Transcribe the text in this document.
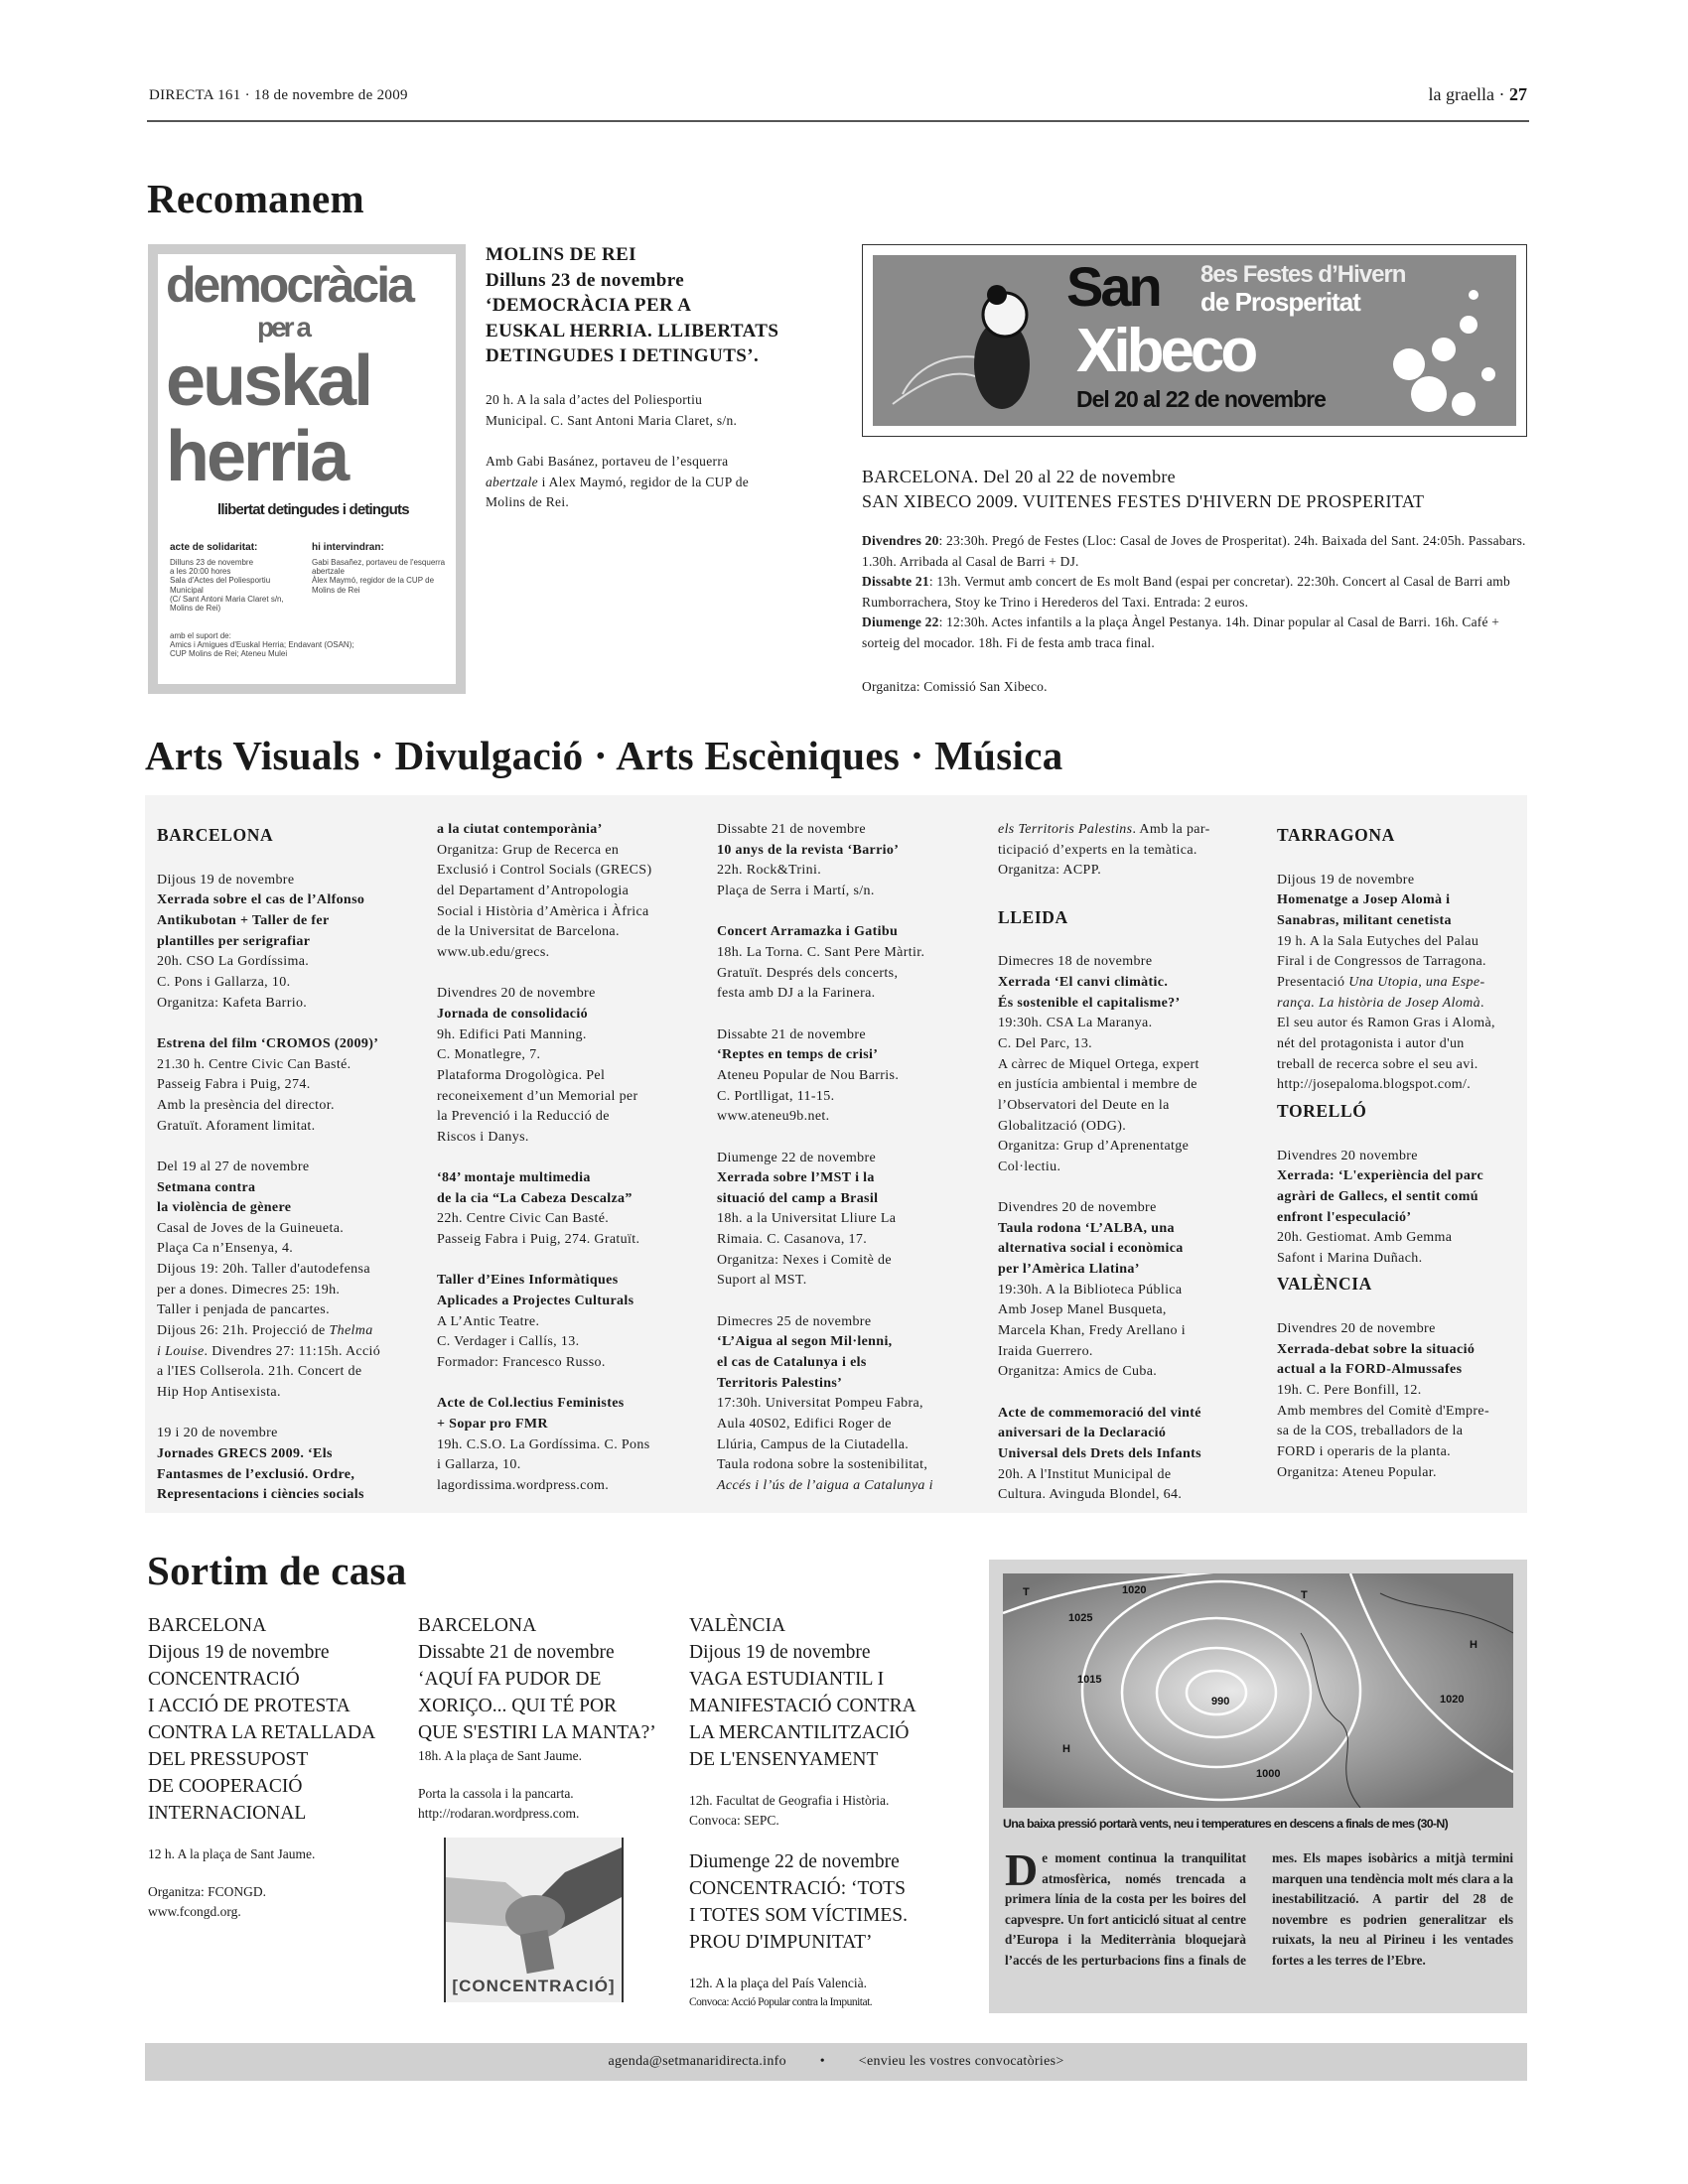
DIRECTA 161 · 18 de novembre de 2009	la graella · 27
Recomanem
democràcia
per a
euskal
herria
llibertat detingudes i detinguts
acte de solidaritat:
Dilluns 23 de novembre
a les 20:00 hores
Sala d'Actes del Poliesportiu Municipal
(C/ Sant Antoni Maria Claret s/n,
Molins de Rei)
hi intervindran:
Gabi Basañez, portaveu de l'esquerra
abertzale
Àlex Maymó, regidor de la CUP de
Molins de Rei
amb el suport de:
Amics i Amigues d'Euskal Herria; Endavant (OSAN);
CUP Molins de Rei; Ateneu Mulei
MOLINS DE REI
Dilluns 23 de novembre
‘DEMOCRÀCIA PER A
EUSKAL HERRIA. LLIBERTATS
DETINGUDES I DETINGUTS’.
20 h. A la sala d’actes del Poliesportiu
Municipal. C. Sant Antoni Maria Claret, s/n.
Amb Gabi Basánez, portaveu de l’esquerra
abertzale i Alex Maymó, regidor de la CUP de
Molins de Rei.
San 8es Festes d’Hivern
de Prosperitat
Xibeco
Del 20 al 22 de novembre
BARCELONA. Del 20 al 22 de novembre
SAN XIBECO 2009. VUITENES FESTES D'HIVERN DE PROSPERITAT
Divendres 20: 23:30h. Pregó de Festes (Lloc: Casal de Joves de Prosperitat). 24h. Baixada del Sant. 24:05h. Passabars. 1.30h. Arribada al Casal de Barri + DJ.
Dissabte 21: 13h. Vermut amb concert de Es molt Band (espai per concretar). 22:30h. Concert al Casal de Barri amb Rumborrachera, Stoy ke Trino i Herederos del Taxi. Entrada: 2 euros.
Diumenge 22: 12:30h. Actes infantils a la plaça Àngel Pestanya. 14h. Dinar popular al Casal de Barri. 16h. Café + sorteig del mocador. 18h. Fi de festa amb traca final.
Organitza: Comissió San Xibeco.
Arts Visuals · Divulgació · Arts Escèniques · Música
BARCELONA

Dijous 19 de novembre
Xerrada sobre el cas de l’Alfonso
Antikubotan + Taller de fer
plantilles per serigrafiar
20h. CSO La Gordíssima.
C. Pons i Gallarza, 10.
Organitza: Kafeta Barrio.

Estrena del film ‘CROMOS (2009)’
21.30 h. Centre Civic Can Basté.
Passeig Fabra i Puig, 274.
Amb la presència del director.
Gratuït. Aforament limitat.

Del 19 al 27 de novembre
Setmana contra
la violència de gènere
Casal de Joves de la Guineueta.
Plaça Ca n’Ensenya, 4.
Dijous 19: 20h. Taller d'autodefensa
per a dones. Dimecres 25: 19h.
Taller i penjada de pancartes.
Dijous 26: 21h. Projecció de Thelma
i Louise. Divendres 27: 11:15h. Acció
a l'IES Collserola. 21h. Concert de
Hip Hop Antisexista.

19 i 20 de novembre
Jornades GRECS 2009. ‘Els
Fantasmes de l’exclusió. Ordre,
Representacions i ciències socials

a la ciutat contemporània’
Organitza: Grup de Recerca en
Exclusió i Control Socials (GRECS)
del Departament d’Antropologia
Social i Història d’Amèrica i Àfrica
de la Universitat de Barcelona.
www.ub.edu/grecs.

Divendres 20 de novembre
Jornada de consolidació
9h. Edifici Pati Manning.
C. Monatlegre, 7.
Plataforma Drogològica. Pel
reconeixement d’un Memorial per
la Prevenció i la Reducció de
Riscos i Danys.

‘84’ montaje multimedia
de la cia “La Cabeza Descalza”
22h. Centre Civic Can Basté.
Passeig Fabra i Puig, 274. Gratuït.

Taller d’Eines Informàtiques
Aplicades a Projectes Culturals
A L’Antic Teatre.
C. Verdager i Callís, 13.
Formador: Francesco Russo.

Acte de Col.lectius Feministes
+ Sopar pro FMR
19h. C.S.O. La Gordíssima. C. Pons
i Gallarza, 10.
lagordissima.wordpress.com.

Dissabte 21 de novembre
10 anys de la revista ‘Barrio’
22h. Rock&Trini.
Plaça de Serra i Martí, s/n.

Concert Arramazka i Gatibu
18h. La Torna. C. Sant Pere Màrtir.
Gratuït. Després dels concerts,
festa amb DJ a la Farinera.

Dissabte 21 de novembre
‘Reptes en temps de crisi’
Ateneu Popular de Nou Barris.
C. Portlligat, 11-15.
www.ateneu9b.net.

Diumenge 22 de novembre
Xerrada sobre l’MST i la
situació del camp a Brasil
18h. a la Universitat Lliure La
Rimaia. C. Casanova, 17.
Organitza: Nexes i Comitè de
Suport al MST.

Dimecres 25 de novembre
‘L’Aigua al segon Mil·lenni,
el cas de Catalunya i els
Territoris Palestins’
17:30h. Universitat Pompeu Fabra,
Aula 40S02, Edifici Roger de
Llúria, Campus de la Ciutadella.
Taula rodona sobre la sostenibilitat,
Accés i l’ús de l’aigua a Catalunya i

els Territoris Palestins. Amb la par-
ticipació d’experts en la temàtica.
Organitza: ACPP.

LLEIDA

Dimecres 18 de novembre
Xerrada ‘El canvi climàtic.
És sostenible el capitalisme?’
19:30h. CSA La Maranya.
C. Del Parc, 13.
A càrrec de Miquel Ortega, expert
en justícia ambiental i membre de
l’Observatori del Deute en la
Globalització (ODG).
Organitza: Grup d’Aprenentatge
Col·lectiu.

Divendres 20 de novembre
Taula rodona ‘L’ALBA, una
alternativa social i econòmica
per l’Amèrica Llatina’
19:30h. A la Biblioteca Pública
Amb Josep Manel Busqueta,
Marcela Khan, Fredy Arellano i
Iraida Guerrero.
Organitza: Amics de Cuba.

Acte de commemoració del vinté
aniversari de la Declaració
Universal dels Drets dels Infants
20h. A l'Institut Municipal de
Cultura. Avinguda Blondel, 64.

TARRAGONA

Dijous 19 de novembre
Homenatge a Josep Alomà i
Sanabras, militant cenetista
19 h. A la Sala Eutyches del Palau
Firal i de Congressos de Tarragona.
Presentació Una Utopia, una Espe-
rança. La història de Josep Alomà.
El seu autor és Ramon Gras i Alomà,
nét del protagonista i autor d'un
treball de recerca sobre el seu avi.
http://josepaloma.blogspot.com/.
TORELLÓ

Divendres 20 novembre
Xerrada: ‘L'experiència del parc
agràri de Gallecs, el sentit comú
enfront l'especulació’
20h. Gestiomat. Amb Gemma
Safont i Marina Duñach.
VALÈNCIA

Divendres 20 de novembre
Xerrada-debat sobre la situació
actual a la FORD-Almussafes
19h. C. Pere Bonfill, 12.
Amb membres del Comitè d'Empre-
sa de la COS, treballadors de la
FORD i operaris de la planta.
Organitza: Ateneu Popular.

Sortim de casa
BARCELONA
Dijous 19 de novembre
CONCENTRACIÓ
I ACCIÓ DE PROTESTA
CONTRA LA RETALLADA
DEL PRESSUPOST
DE COOPERACIÓ
INTERNACIONAL
12 h. A la plaça de Sant Jaume.
Organitza: FCONGD.
www.fcongd.org.
BARCELONA
Dissabte 21 de novembre
‘AQUÍ FA PUDOR DE
XORIÇO... QUI TÉ POR
QUE S'ESTIRI LA MANTA?’
18h. A la plaça de Sant Jaume.
Porta la cassola i la pancarta.
http://rodaran.wordpress.com.
[CONCENTRACIÓ]
VALÈNCIA
Dijous 19 de novembre
VAGA ESTUDIANTIL I
MANIFESTACIÓ CONTRA
LA MERCANTILITZACIÓ
DE L'ENSENYAMENT
12h. Facultat de Geografia i Història.
Convoca: SEPC.
Diumenge 22 de novembre
CONCENTRACIÓ: ‘TOTS
I TOTES SOM VÍCTIMES.
PROU D'IMPUNITAT’
12h. A la plaça del País Valencià.
Convoca: Acció Popular contra la Impunitat.
T
1025
1020
1015
H
990
1000
1020
H
T
Una baixa pressió portarà vents, neu i temperatures en descens a finals de mes (30-N)
De moment continua la tranquilitat atmosfèrica, només trencada a primera línia de la costa per les boires del capvespre. Un fort anticicló situat al centre d’Europa i la Mediterrània bloquejarà l’accés de les perturbacions fins a finals de mes. Els mapes isobàrics a mitjà termini marquen una tendència molt més clara a la inestabilització. A partir del 28 de novembre es podrien generalitzar els ruixats, la neu al Pirineu i les ventades fortes a les terres de l’Ebre.
agenda@setmanaridirecta.info • <envieu les vostres convocatòries>
